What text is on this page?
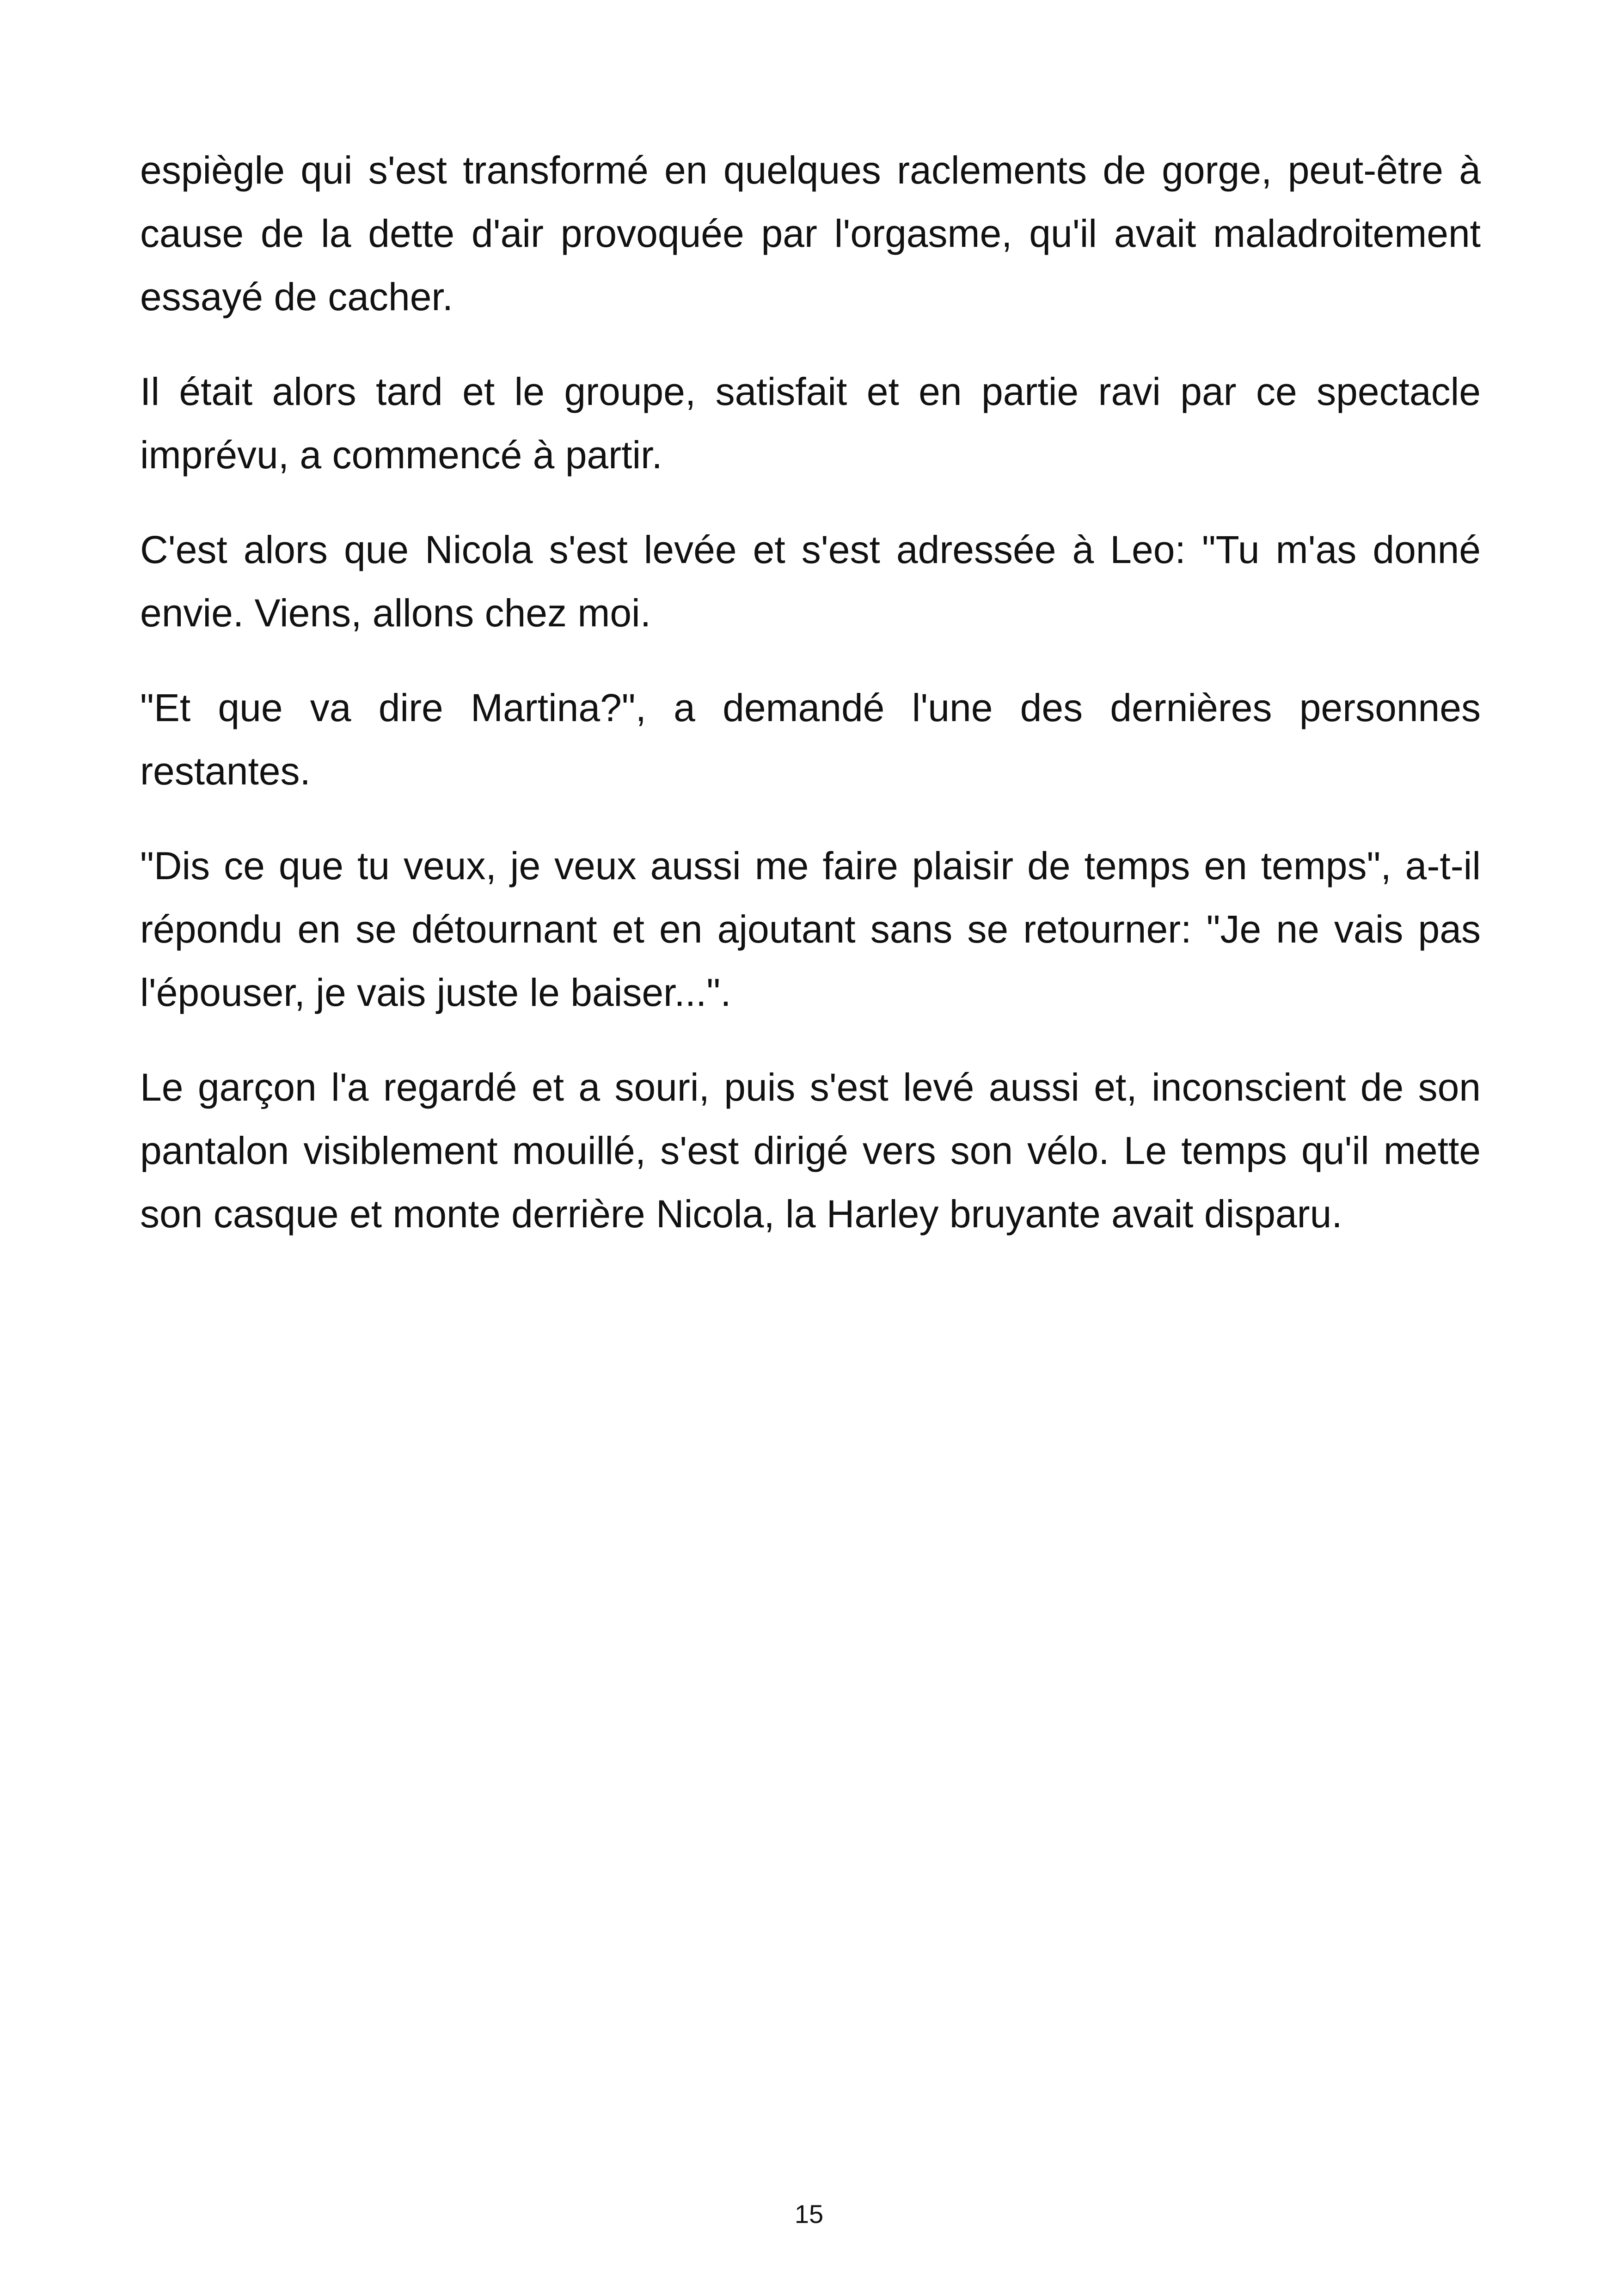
espiègle qui s'est transformé en quelques raclements de gorge, peut-être à cause de la dette d'air provoquée par l'orgasme, qu'il avait maladroitement essayé de cacher.

Il était alors tard et le groupe, satisfait et en partie ravi par ce spectacle imprévu, a commencé à partir.

C'est alors que Nicola s'est levée et s'est adressée à Leo: "Tu m'as donné envie. Viens, allons chez moi.

"Et que va dire Martina?", a demandé l'une des dernières personnes restantes.

"Dis ce que tu veux, je veux aussi me faire plaisir de temps en temps", a-t-il répondu en se détournant et en ajoutant sans se retourner: "Je ne vais pas l'épouser, je vais juste le baiser...".

Le garçon l'a regardé et a souri, puis s'est levé aussi et, inconscient de son pantalon visiblement mouillé, s'est dirigé vers son vélo. Le temps qu'il mette son casque et monte derrière Nicola, la Harley bruyante avait disparu.

15
